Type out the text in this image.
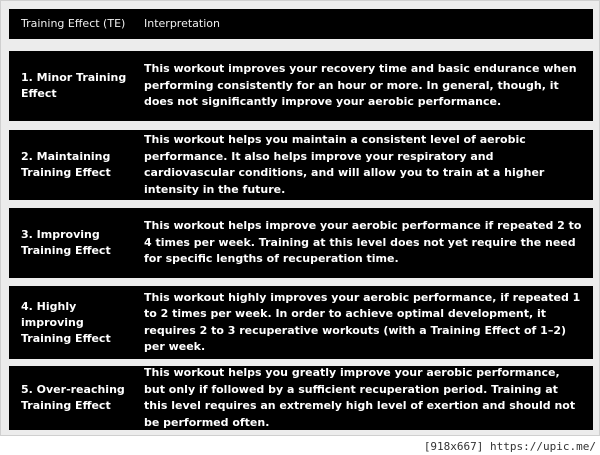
Training Effect (TE) Interpretation
1. Minor Training Effect
This workout improves your recovery time and basic endurance when performing consistently for an hour or more. In general, though, it does not significantly improve your aerobic performance.
2. Maintaining Training Effect
This workout helps you maintain a consistent level of aerobic performance. It also helps improve your respiratory and cardiovascular conditions, and will allow you to train at a higher intensity in the future.
3. Improving Training Effect
This workout helps improve your aerobic performance if repeated 2 to 4 times per week. Training at this level does not yet require the need for specific lengths of recuperation time.
4. Highly improving Training Effect
This workout highly improves your aerobic performance, if repeated 1 to 2 times per week. In order to achieve optimal development, it requires 2 to 3 recuperative workouts (with a Training Effect of 1–2) per week.
5. Over-reaching Training Effect
This workout helps you greatly improve your aerobic performance, but only if followed by a sufficient recuperation period. Training at this level requires an extremely high level of exertion and should not be performed often.
[918x667] https://upic.me/
